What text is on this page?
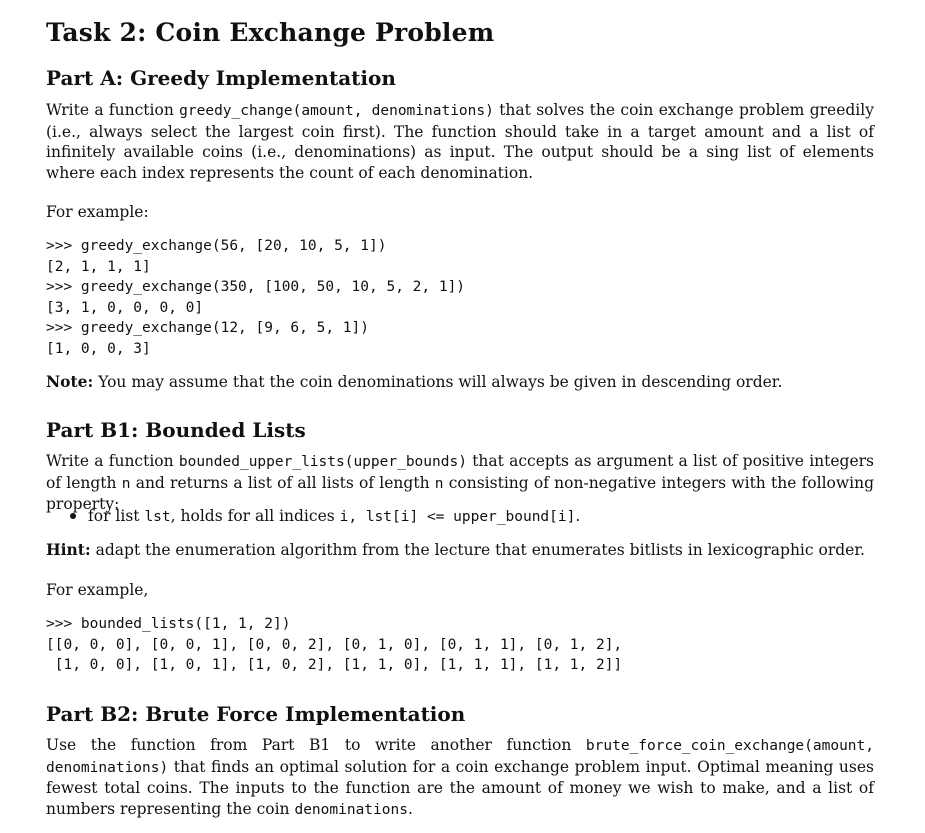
Task 2: Coin Exchange Problem
Part A: Greedy Implementation

Write a function greedy_change(amount, denominations) that solves the coin exchange problem greedily (i.e., always select the largest coin first). The function should take in a target amount and a list of infinitely available coins (i.e., denominations) as input. The output should be a sing list of elements where each index represents the count of each denomination.

For example:

>>> greedy_exchange(56, [20, 10, 5, 1])
[2, 1, 1, 1]
>>> greedy_exchange(350, [100, 50, 10, 5, 2, 1])
[3, 1, 0, 0, 0, 0]
>>> greedy_exchange(12, [9, 6, 5, 1])
[1, 0, 0, 3]

Note: You may assume that the coin denominations will always be given in descending order.

Part B1: Bounded Lists

Write a function bounded_upper_lists(upper_bounds) that accepts as argument a list of positive integers of length n and returns a list of all lists of length n consisting of non-negative integers with the following property:

for list lst, holds for all indices i, lst[i] <= upper_bound[i].

Hint: adapt the enumeration algorithm from the lecture that enumerates bitlists in lexicographic order.

For example,

>>> bounded_lists([1, 1, 2])
[[0, 0, 0], [0, 0, 1], [0, 0, 2], [0, 1, 0], [0, 1, 1], [0, 1, 2],
[1, 0, 0], [1, 0, 1], [1, 0, 2], [1, 1, 0], [1, 1, 1], [1, 1, 2]]
Part B2: Brute Force Implementation

Use the function from Part B1 to write another function brute_force_coin_exchange(amount, denominations) that finds an optimal solution for a coin exchange problem input. Optimal meaning uses fewest total coins. The inputs to the function are the amount of money we wish to make, and a list of numbers representing the coin denominations.
